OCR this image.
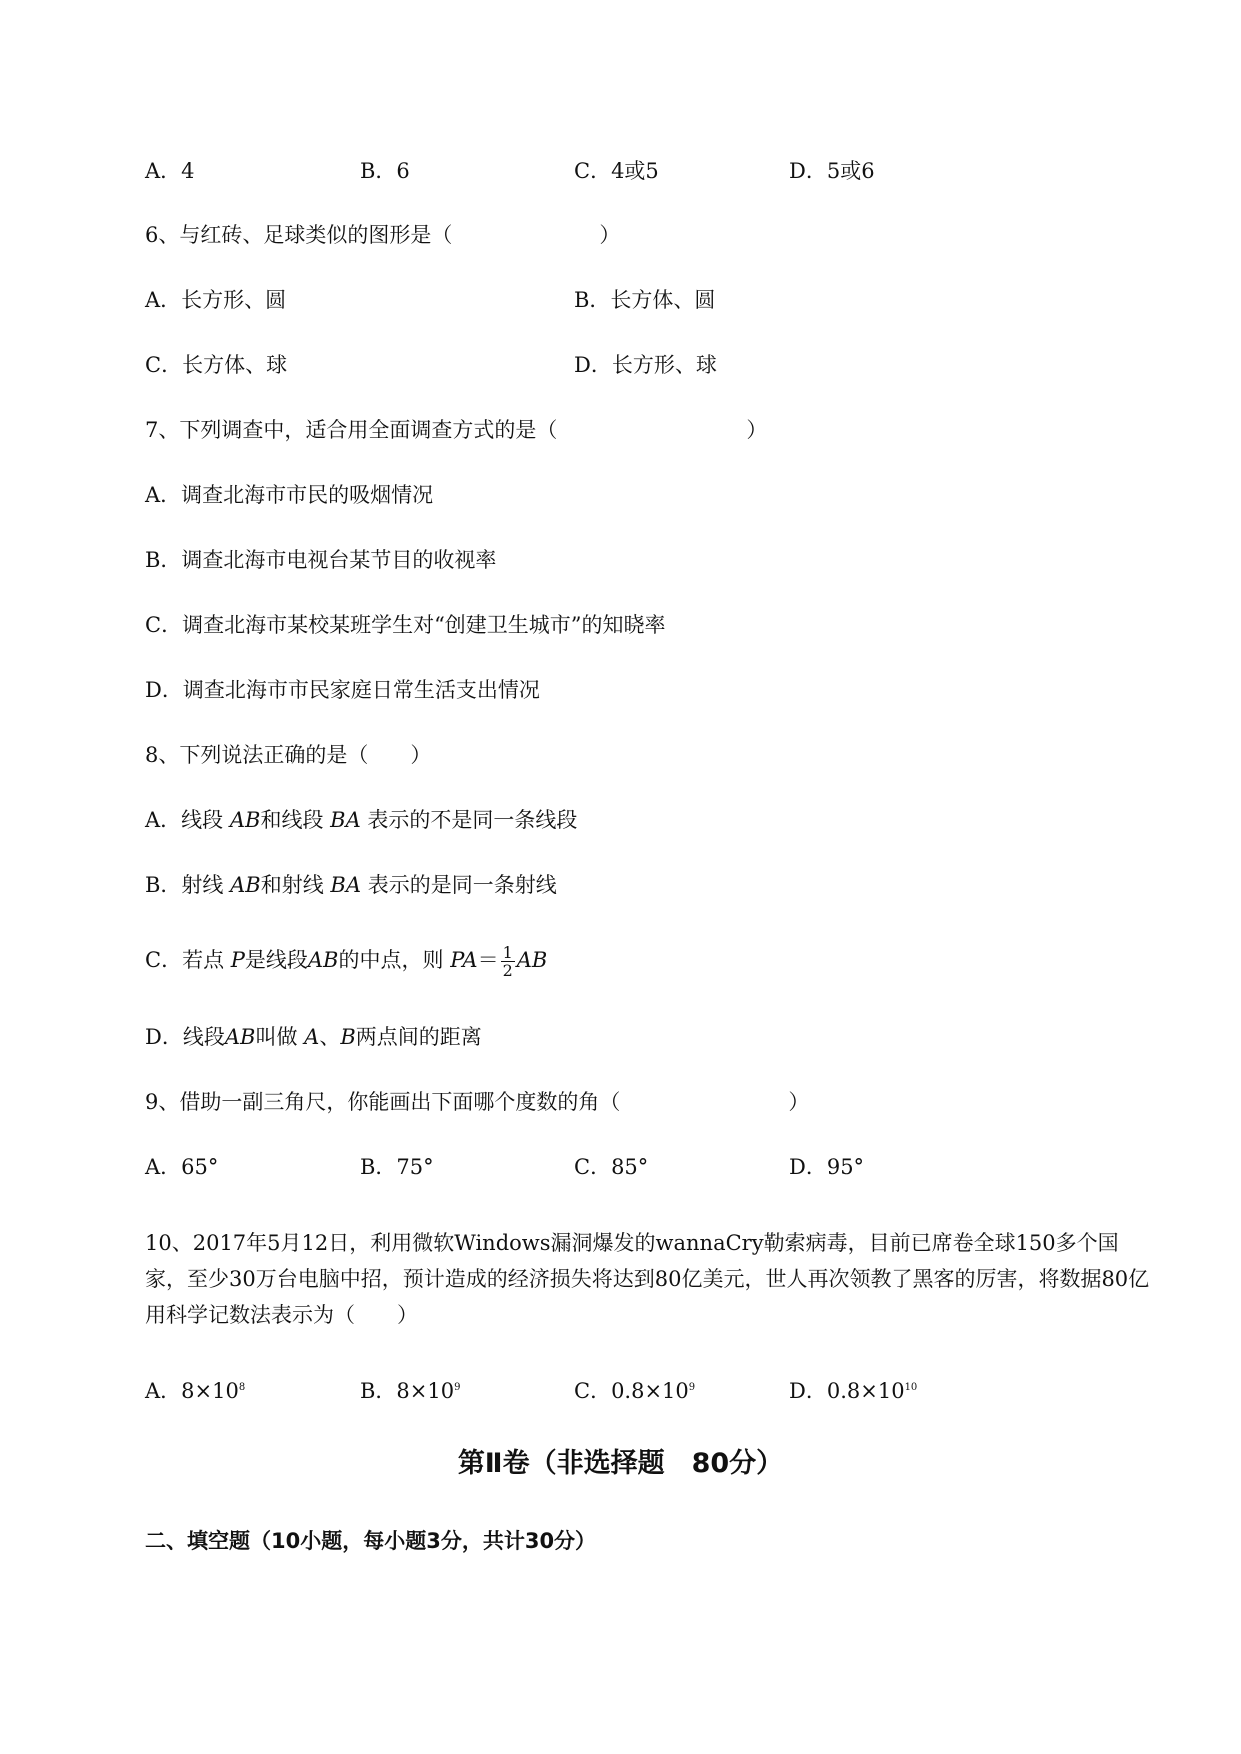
A．4	B．6	C．4或5	D．5或6
6、与红砖、足球类似的图形是（　　　　　　　）
A．长方形、圆	B．长方体、圆
C．长方体、球	D．长方形、球
7、下列调查中，适合用全面调查方式的是（　　　　　　　　　）
A．调查北海市市民的吸烟情况
B．调查北海市电视台某节目的收视率
C．调查北海市某校某班学生对“创建卫生城市”的知晓率
D．调查北海市市民家庭日常生活支出情况
8、下列说法正确的是（　　）
A．线段 AB和线段 BA 表示的不是同一条线段
B．射线 AB和射线 BA 表示的是同一条射线
C．若点 P是线段AB的中点，则 $PA= \frac{1}{2}$ AB
D．线段AB叫做 A、B两点间的距离
9、借助一副三角尺，你能画出下面哪个度数的角（　　　　　　　　）
A．65°	B．75°	C．85°	D．95°
10、2017年5月12日，利用微软Windows漏洞爆发的wannaCry勒索病毒，目前已席卷全球150多个国家，至少30万台电脑中招，预计造成的经济损失将达到80亿美元，世人再次领教了黑客的厉害，将数据80亿用科学记数法表示为（　　）
A．$8\times 10^8$	B．$8\times 10^9$	C．$0.8\times 10^9$	D．$0.8\times 10^{10}$
第Ⅱ卷（非选择题　80分）
二、填空题（10小题，每小题3分，共计30分）
